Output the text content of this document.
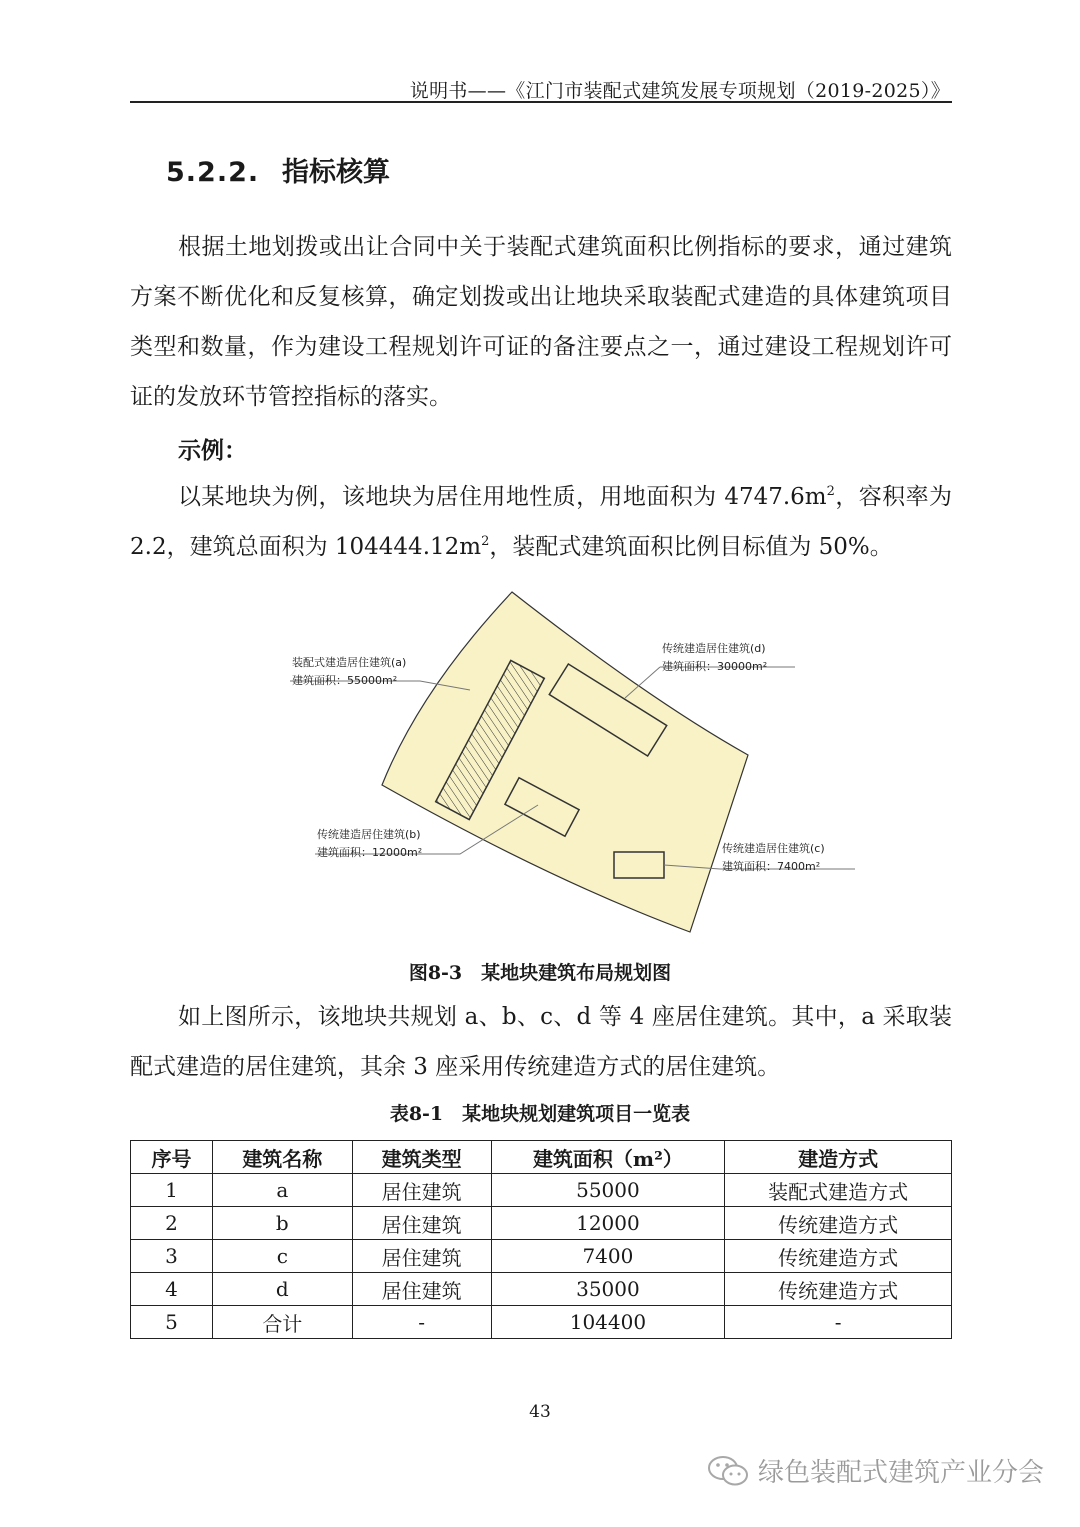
说明书——《江门市装配式建筑发展专项规划（2019-2025）》
5.2.2. 指标核算

根据土地划拨或出让合同中关于装配式建筑面积比例指标的要求，通过建筑方案不断优化和反复核算，确定划拨或出让地块采取装配式建造的具体建筑项目类型和数量，作为建设工程规划许可证的备注要点之一，通过建设工程规划许可证的发放环节管控指标的落实。

示例：

以某地块为例，该地块为居住用地性质，用地面积为 $4747.6m^2$，容积率为 2.2，建筑总面积为 $104444.12m^2$，装配式建筑面积比例目标值为 50%。

装配式建造居住建筑(a)
建筑面积：55000m²
传统建造居住建筑(d)
建筑面积：30000m²
传统建造居住建筑(b)
建筑面积：12000m²	传统建造居住建筑(c)
建筑面积：7400m²
图8-3　某地块建筑布局规划图

如上图所示，该地块共规划 a、b、c、d 等 4 座居住建筑。其中，a 采取装配式建造的居住建筑，其余 3 座采用传统建造方式的居住建筑。

表8-1　某地块规划建筑项目一览表
序号	建筑名称	建筑类型	建筑面积（m²）	建造方式
1	a	居住建筑	55000	装配式建造方式
2	b	居住建筑	12000	传统建造方式
3	c	居住建筑	7400	传统建造方式
4	d	居住建筑	35000	传统建造方式
5	合计	-	104400	-
43
绿色装配式建筑产业分会
